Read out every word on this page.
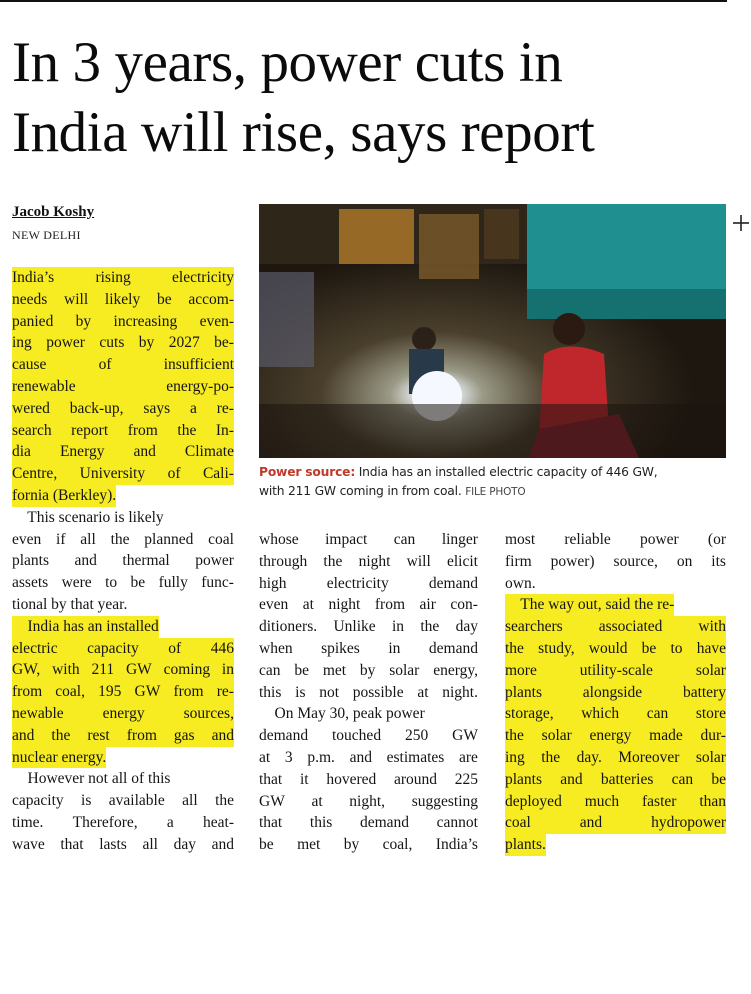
In 3 years, power cuts in
India will rise, says report
Jacob Koshy
NEW DELHI
Power source: India has an installed electric capacity of 446 GW,
with 211 GW coming in from coal. FILE PHOTO
India’s	rising	electricity
needs will likely be accom-
panied by increasing even-
ing power cuts by 2027 be-
cause	of	insufficient
renewable	energy-po-
wered back-up, says a re-
search report from the In-
dia Energy and Climate
Centre, University of Cali-
fornia (Berkley).
This scenario is likely
even if all the planned coal
plants and thermal power
assets were to be fully func-
tional by that year.
India has an installed
electric capacity of 446
GW, with 211 GW coming in
from coal, 195 GW from re-
newable	energy	sources,
and the rest from gas and
nuclear energy.
However not all of this
capacity is available all the
time. Therefore, a heat-
wave that lasts all day and
whose impact can linger
through the night will elicit
high	electricity	demand
even at night from air con-
ditioners. Unlike in the day
when spikes in demand
can be met by solar energy,
this is not possible at night.
On May 30, peak power
demand touched 250 GW
at 3 p.m. and estimates are
that it hovered around 225
GW at night, suggesting
that this demand cannot
be met by coal, India’s
most reliable power (or
firm power) source, on its
own.
The way out, said the re-
searchers associated with
the study, would be to have
more	utility-scale	solar
plants	alongside	battery
storage, which can store
the solar energy made dur-
ing the day. Moreover solar
plants and batteries can be
deployed much faster than
coal	and	hydropower
plants.
